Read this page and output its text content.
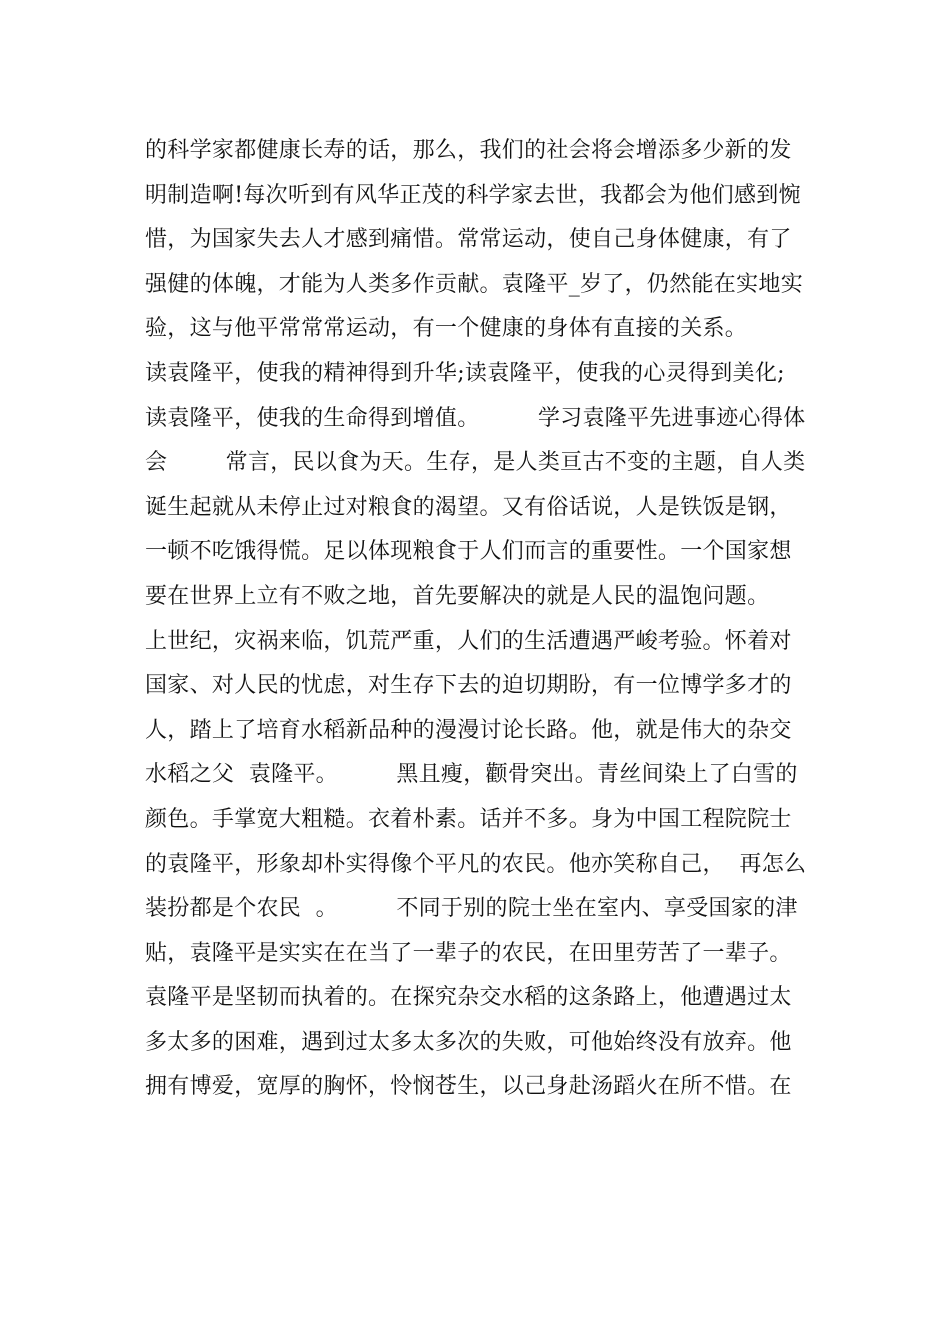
的科学家都健康长寿的话，那么，我们的社会将会增添多少新的发
明制造啊!每次听到有风华正茂的科学家去世，我都会为他们感到惋
惜，为国家失去人才感到痛惜。常常运动，使自己身体健康，有了
强健的体魄，才能为人类多作贡献。袁隆平_岁了，仍然能在实地实
验，这与他平常常常运动，有一个健康的身体有直接的关系。
读袁隆平，使我的精神得到升华;读袁隆平，使我的心灵得到美化;
读袁隆平，使我的生命得到增值。        学习袁隆平先进事迹心得体
会        常言，民以食为天。生存，是人类亘古不变的主题，自人类
诞生起就从未停止过对粮食的渴望。又有俗话说，人是铁饭是钢，
一顿不吃饿得慌。足以体现粮食于人们而言的重要性。一个国家想
要在世界上立有不败之地，首先要解决的就是人民的温饱问题。
上世纪，灾祸来临，饥荒严重，人们的生活遭遇严峻考验。怀着对
国家、对人民的忧虑，对生存下去的迫切期盼，有一位博学多才的
人，踏上了培育水稻新品种的漫漫讨论长路。他，就是伟大的杂交
水稻之父  袁隆平。        黑且瘦，颧骨突出。青丝间染上了白雪的
颜色。手掌宽大粗糙。衣着朴素。话并不多。身为中国工程院院士
的袁隆平，形象却朴实得像个平凡的农民。他亦笑称自己，  再怎么
装扮都是个农民  。        不同于别的院士坐在室内、享受国家的津
贴，袁隆平是实实在在当了一辈子的农民，在田里劳苦了一辈子。
袁隆平是坚韧而执着的。在探究杂交水稻的这条路上，他遭遇过太
多太多的困难，遇到过太多太多次的失败，可他始终没有放弃。他
拥有博爱，宽厚的胸怀，怜悯苍生，以己身赴汤蹈火在所不惜。在
